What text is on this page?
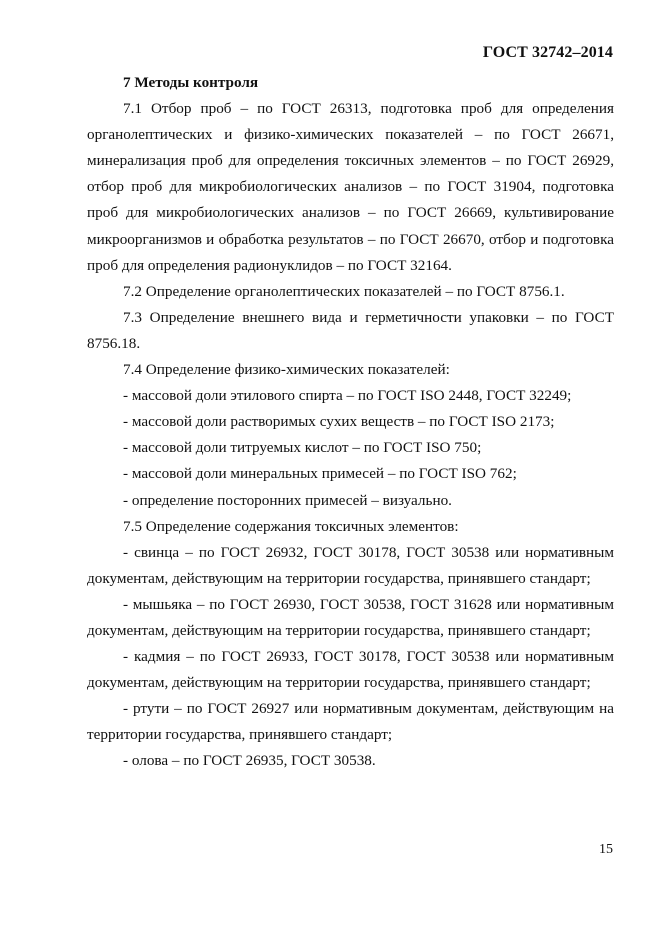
ГОСТ 32742–2014

7 Методы контроля

7.1 Отбор проб – по ГОСТ 26313, подготовка проб для определения органолептических и физико-химических показателей – по ГОСТ 26671, минерализация проб для определения токсичных элементов – по ГОСТ 26929, отбор проб для микробиологических анализов – по ГОСТ 31904, подготовка проб для микробиологических анализов – по ГОСТ 26669, культивирование микроорганизмов и обработка результатов – по ГОСТ 26670, отбор и подготовка проб для определения радионуклидов – по ГОСТ 32164.

7.2 Определение органолептических показателей – по ГОСТ 8756.1.

7.3 Определение внешнего вида и герметичности упаковки – по ГОСТ 8756.18.

7.4 Определение физико-химических показателей:

- массовой доли этилового спирта – по ГОСТ ISO 2448, ГОСТ 32249;

- массовой доли растворимых сухих веществ – по ГОСТ ISO 2173;

- массовой доли титруемых кислот – по ГОСТ ISO 750;

- массовой доли минеральных примесей – по ГОСТ ISO 762;

- определение посторонних примесей – визуально.

7.5 Определение содержания токсичных элементов:

- свинца – по ГОСТ 26932, ГОСТ 30178, ГОСТ 30538 или нормативным документам, действующим на территории государства, принявшего стандарт;

- мышьяка – по ГОСТ 26930, ГОСТ 30538, ГОСТ 31628 или нормативным документам, действующим на территории государства, принявшего стандарт;

- кадмия – по ГОСТ 26933, ГОСТ 30178, ГОСТ 30538 или нормативным документам, действующим на территории государства, принявшего стандарт;

- ртути – по ГОСТ 26927 или нормативным документам, действующим на территории государства, принявшего стандарт;

- олова – по ГОСТ 26935, ГОСТ 30538.

15
